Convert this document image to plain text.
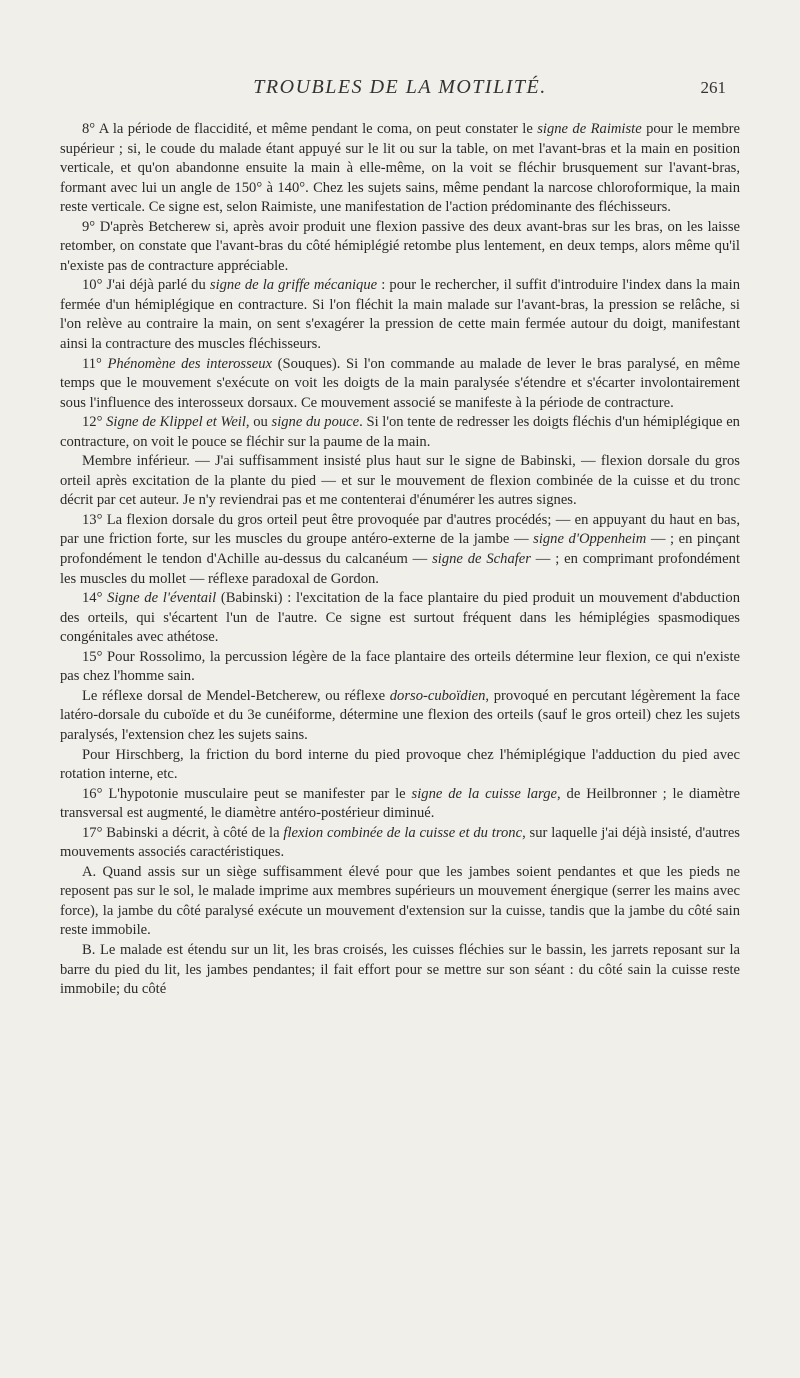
TROUBLES DE LA MOTILITÉ.	261

8° A la période de flaccidité, et même pendant le coma, on peut constater le signe de Raimiste pour le membre supérieur ; si, le coude du malade étant appuyé sur le lit ou sur la table, on met l'avant-bras et la main en position verticale, et qu'on abandonne ensuite la main à elle-même, on la voit se fléchir brusquement sur l'avant-bras, formant avec lui un angle de 150° à 140°. Chez les sujets sains, même pendant la narcose chloroformique, la main reste verticale. Ce signe est, selon Raimiste, une manifestation de l'action prédominante des fléchisseurs.

9° D'après Betcherew si, après avoir produit une flexion passive des deux avant-bras sur les bras, on les laisse retomber, on constate que l'avant-bras du côté hémiplégié retombe plus lentement, en deux temps, alors même qu'il n'existe pas de contracture appréciable.

10° J'ai déjà parlé du signe de la griffe mécanique : pour le rechercher, il suffit d'introduire l'index dans la main fermée d'un hémiplégique en contracture. Si l'on fléchit la main malade sur l'avant-bras, la pression se relâche, si l'on relève au contraire la main, on sent s'exagérer la pression de cette main fermée autour du doigt, manifestant ainsi la contracture des muscles fléchisseurs.

11° Phénomène des interosseux (Souques). Si l'on commande au malade de lever le bras paralysé, en même temps que le mouvement s'exécute on voit les doigts de la main paralysée s'étendre et s'écarter involontairement sous l'influence des interosseux dorsaux. Ce mouvement associé se manifeste à la période de contracture.

12° Signe de Klippel et Weil, ou signe du pouce. Si l'on tente de redresser les doigts fléchis d'un hémiplégique en contracture, on voit le pouce se fléchir sur la paume de la main.

Membre inférieur. — J'ai suffisamment insisté plus haut sur le signe de Babinski, — flexion dorsale du gros orteil après excitation de la plante du pied — et sur le mouvement de flexion combinée de la cuisse et du tronc décrit par cet auteur. Je n'y reviendrai pas et me contenterai d'énumérer les autres signes.

13° La flexion dorsale du gros orteil peut être provoquée par d'autres procédés; — en appuyant du haut en bas, par une friction forte, sur les muscles du groupe antéro-externe de la jambe — signe d'Oppenheim — ; en pinçant profondément le tendon d'Achille au-dessus du calcanéum — signe de Schafer — ; en comprimant profondément les muscles du mollet — réflexe paradoxal de Gordon.

14° Signe de l'éventail (Babinski) : l'excitation de la face plantaire du pied produit un mouvement d'abduction des orteils, qui s'écartent l'un de l'autre. Ce signe est surtout fréquent dans les hémiplégies spasmodiques congénitales avec athétose.

15° Pour Rossolimo, la percussion légère de la face plantaire des orteils détermine leur flexion, ce qui n'existe pas chez l'homme sain.

Le réflexe dorsal de Mendel-Betcherew, ou réflexe dorso-cuboïdien, provoqué en percutant légèrement la face latéro-dorsale du cuboïde et du 3e cunéiforme, détermine une flexion des orteils (sauf le gros orteil) chez les sujets paralysés, l'extension chez les sujets sains.

Pour Hirschberg, la friction du bord interne du pied provoque chez l'hémiplégique l'adduction du pied avec rotation interne, etc.

16° L'hypotonie musculaire peut se manifester par le signe de la cuisse large, de Heilbronner ; le diamètre transversal est augmenté, le diamètre antéro-postérieur diminué.

17° Babinski a décrit, à côté de la flexion combinée de la cuisse et du tronc, sur laquelle j'ai déjà insisté, d'autres mouvements associés caractéristiques.

A. Quand assis sur un siège suffisamment élevé pour que les jambes soient pendantes et que les pieds ne reposent pas sur le sol, le malade imprime aux membres supérieurs un mouvement énergique (serrer les mains avec force), la jambe du côté paralysé exécute un mouvement d'extension sur la cuisse, tandis que la jambe du côté sain reste immobile.

B. Le malade est étendu sur un lit, les bras croisés, les cuisses fléchies sur le bassin, les jarrets reposant sur la barre du pied du lit, les jambes pendantes; il fait effort pour se mettre sur son séant : du côté sain la cuisse reste immobile; du côté
